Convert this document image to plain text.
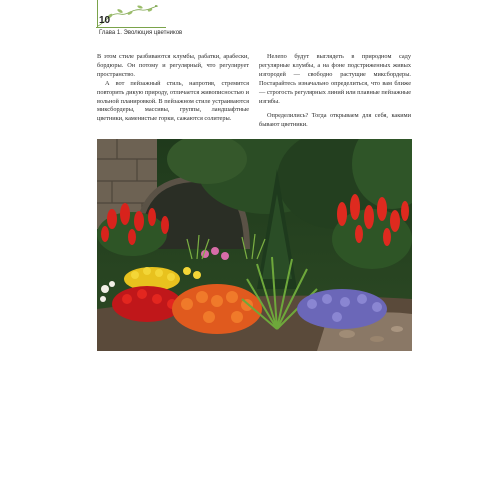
10

Глава 1. Эволюция цветников

В этом стиле разбиваются клумбы, рабатки, арабески, бордюры. Он потому и регулярный, что регулирует пространство.

А вот пейзажный стиль, напротив, стремится повторить дикую природу, отличается живописностью и вольной планировкой. В пейзажном стиле устраиваются миксбордеры, массивы, группы, ландшафтные цветники, каменистые горки, сажаются солитеры.

Нелепо будут выглядеть в природном саду регулярные клумбы, а на фоне подстриженных живых изгородей — свободно растущие миксбордеры. Постарайтесь изначально определиться, что вам ближе — строгость регулярных линий или плавные пейзажные изгибы.

Определились? Тогда открываем для себя, какими бывают цветники.
